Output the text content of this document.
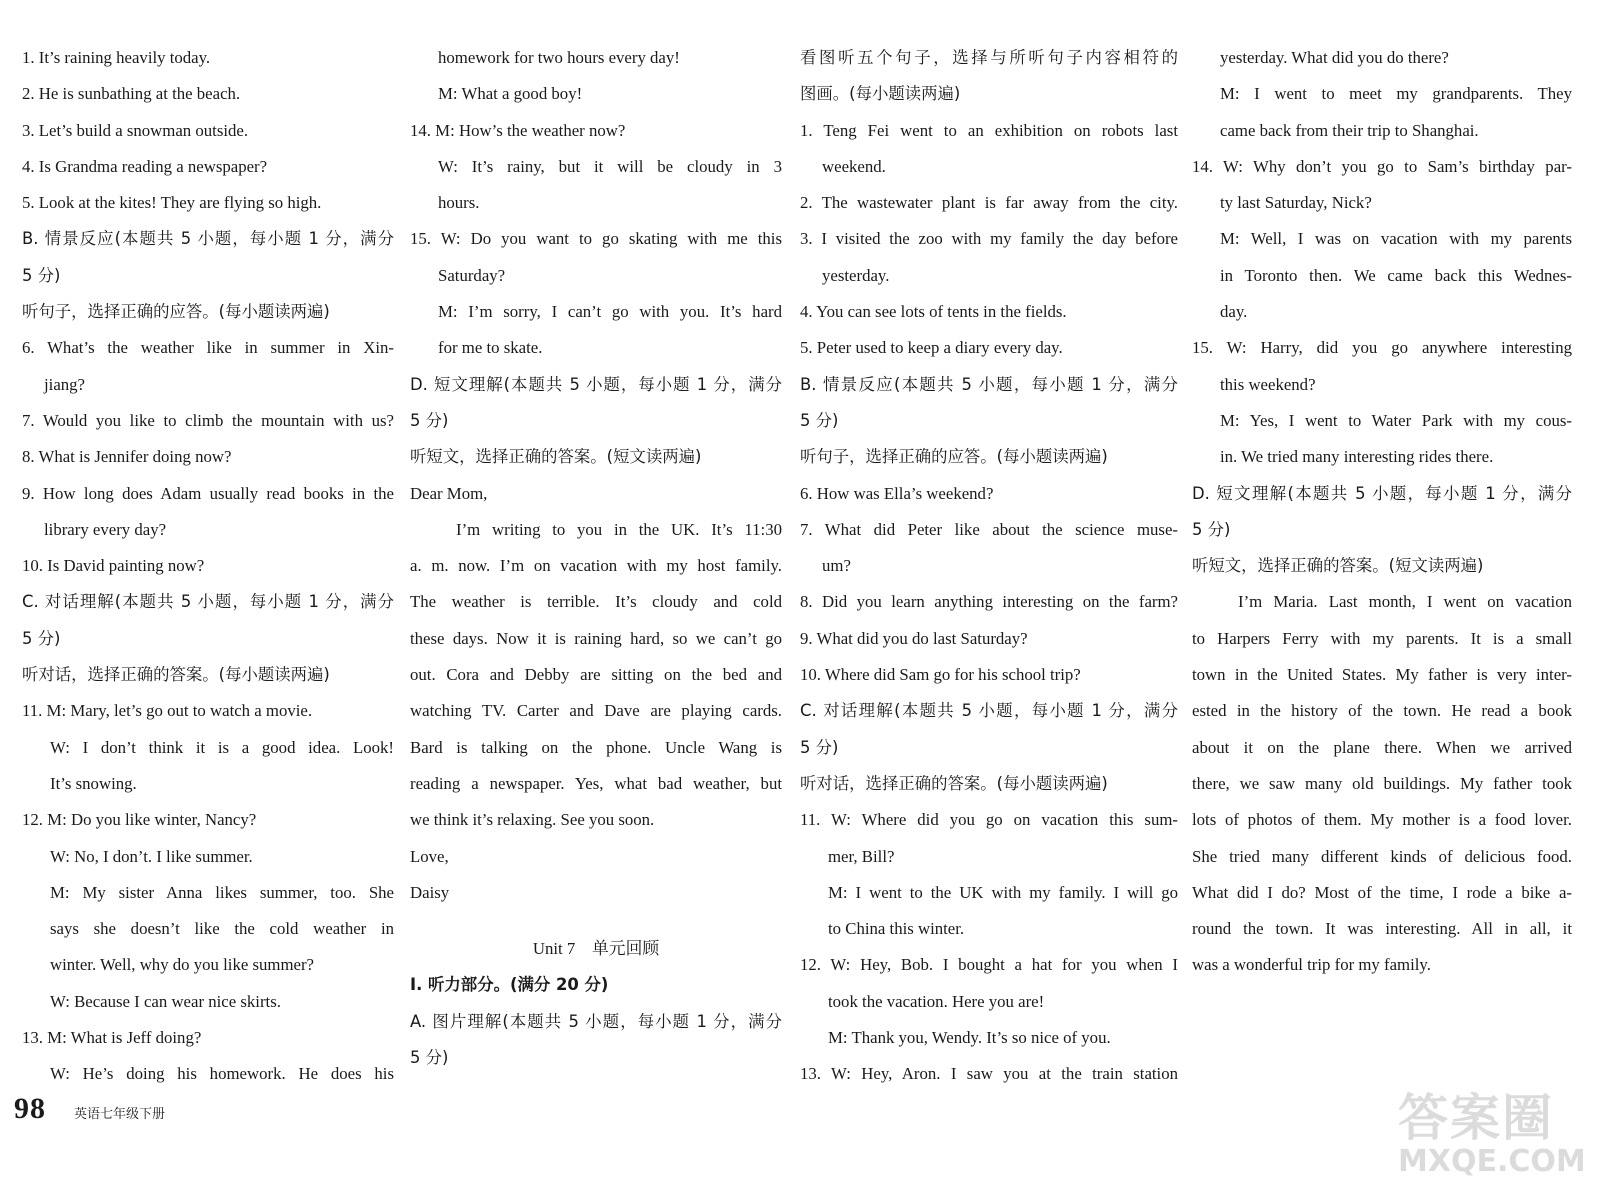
1. It’s raining heavily today.
2. He is sunbathing at the beach.
3. Let’s build a snowman outside.
4. Is Grandma reading a newspaper?
5. Look at the kites! They are flying so high.
B. 情景反应(本题共 5 小题，每小题 1 分，满分
5 分)
听句子，选择正确的应答。(每小题读两遍)
6. What’s the weather like in summer in Xin-
jiang?
7. Would you like to climb the mountain with us?
8. What is Jennifer doing now?
9. How long does Adam usually read books in the
library every day?
10. Is David painting now?
C. 对话理解(本题共 5 小题，每小题 1 分，满分
5 分)
听对话，选择正确的答案。(每小题读两遍)
11. M: Mary, let’s go out to watch a movie.
W: I don’t think it is a good idea. Look!
It’s snowing.
12. M: Do you like winter, Nancy?
W: No, I don’t. I like summer.
M: My sister Anna likes summer, too. She
says she doesn’t like the cold weather in
winter. Well, why do you like summer?
W: Because I can wear nice skirts.
13. M: What is Jeff doing?
W: He’s doing his homework. He does his
homework for two hours every day!
M: What a good boy!
14. M: How’s the weather now?
W: It’s rainy, but it will be cloudy in 3
hours.
15. W: Do you want to go skating with me this
Saturday?
M: I’m sorry, I can’t go with you. It’s hard
for me to skate.
D. 短文理解(本题共 5 小题，每小题 1 分，满分
5 分)
听短文，选择正确的答案。(短文读两遍)
Dear Mom,
I’m writing to you in the UK. It’s 11:30
a. m. now. I’m on vacation with my host family.
The weather is terrible. It’s cloudy and cold
these days. Now it is raining hard, so we can’t go
out. Cora and Debby are sitting on the bed and
watching TV. Carter and Dave are playing cards.
Bard is talking on the phone. Uncle Wang is
reading a newspaper. Yes, what bad weather, but
we think it’s relaxing. See you soon.
Love,
Daisy
Unit 7　单元回顾
Ⅰ. 听力部分。(满分 20 分)
A. 图片理解(本题共 5 小题，每小题 1 分，满分
5 分)
看图听五个句子，选择与所听句子内容相符的
图画。(每小题读两遍)
1. Teng Fei went to an exhibition on robots last
weekend.
2. The wastewater plant is far away from the city.
3. I visited the zoo with my family the day before
yesterday.
4. You can see lots of tents in the fields.
5. Peter used to keep a diary every day.
B. 情景反应(本题共 5 小题，每小题 1 分，满分
5 分)
听句子，选择正确的应答。(每小题读两遍)
6. How was Ella’s weekend?
7. What did Peter like about the science muse-
um?
8. Did you learn anything interesting on the farm?
9. What did you do last Saturday?
10. Where did Sam go for his school trip?
C. 对话理解(本题共 5 小题，每小题 1 分，满分
5 分)
听对话，选择正确的答案。(每小题读两遍)
11. W: Where did you go on vacation this sum-
mer, Bill?
M: I went to the UK with my family. I will go
to China this winter.
12. W: Hey, Bob. I bought a hat for you when I
took the vacation. Here you are!
M: Thank you, Wendy. It’s so nice of you.
13. W: Hey, Aron. I saw you at the train station
yesterday. What did you do there?
M: I went to meet my grandparents. They
came back from their trip to Shanghai.
14. W: Why don’t you go to Sam’s birthday par-
ty last Saturday, Nick?
M: Well, I was on vacation with my parents
in Toronto then. We came back this Wednes-
day.
15. W: Harry, did you go anywhere interesting
this weekend?
M: Yes, I went to Water Park with my cous-
in. We tried many interesting rides there.
D. 短文理解(本题共 5 小题，每小题 1 分，满分
5 分)
听短文，选择正确的答案。(短文读两遍)
I’m Maria. Last month, I went on vacation
to Harpers Ferry with my parents. It is a small
town in the United States. My father is very inter-
ested in the history of the town. He read a book
about it on the plane there. When we arrived
there, we saw many old buildings. My father took
lots of photos of them. My mother is a food lover.
She tried many different kinds of delicious food.
What did I do? Most of the time, I rode a bike a-
round the town. It was interesting. All in all, it
was a wonderful trip for my family.
98 英语七年级下册	答案圈
MXQE.COM
